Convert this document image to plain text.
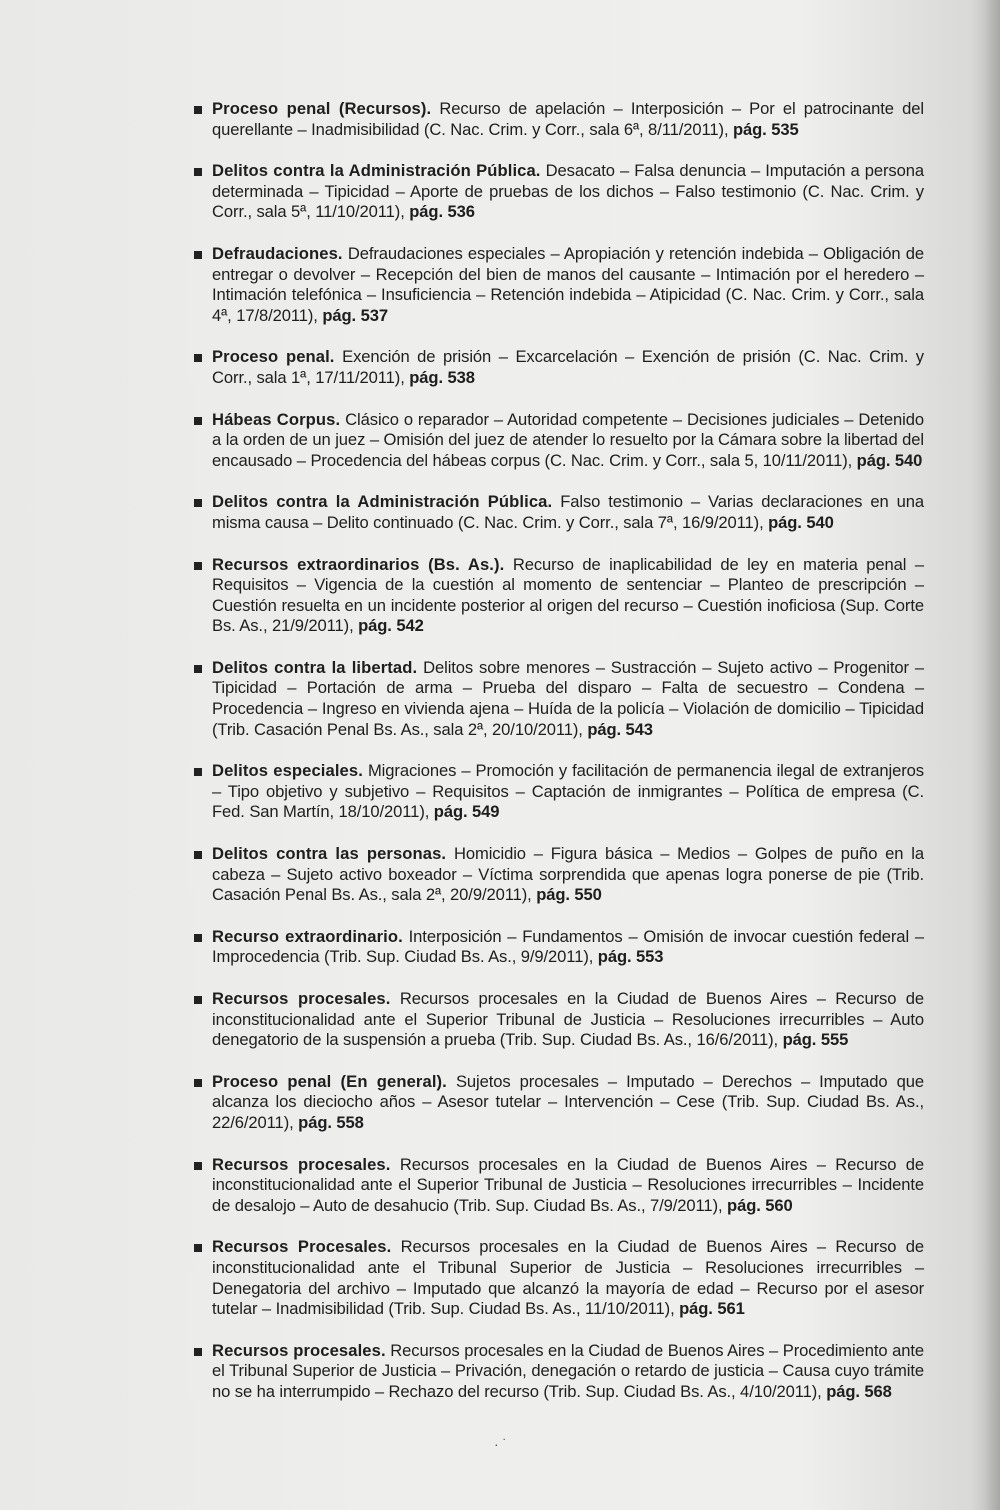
Proceso penal (Recursos). Recurso de apelación – Interposición – Por el patrocinante del querellante – Inadmisibilidad (C. Nac. Crim. y Corr., sala 6ª, 8/11/2011), pág. 535
Delitos contra la Administración Pública. Desacato – Falsa denuncia – Imputación a persona determinada – Tipicidad – Aporte de pruebas de los dichos – Falso testimonio (C. Nac. Crim. y Corr., sala 5ª, 11/10/2011), pág. 536
Defraudaciones. Defraudaciones especiales – Apropiación y retención indebida – Obligación de entregar o devolver – Recepción del bien de manos del causante – Intimación por el heredero – Intimación telefónica – Insuficiencia – Retención indebida – Atipicidad (C. Nac. Crim. y Corr., sala 4ª, 17/8/2011), pág. 537
Proceso penal. Exención de prisión – Excarcelación – Exención de prisión (C. Nac. Crim. y Corr., sala 1ª, 17/11/2011), pág. 538
Hábeas Corpus. Clásico o reparador – Autoridad competente – Decisiones judiciales – Detenido a la orden de un juez – Omisión del juez de atender lo resuelto por la Cámara sobre la libertad del encausado – Procedencia del hábeas corpus (C. Nac. Crim. y Corr., sala 5, 10/11/2011), pág. 540
Delitos contra la Administración Pública. Falso testimonio – Varias declaraciones en una misma causa – Delito continuado (C. Nac. Crim. y Corr., sala 7ª, 16/9/2011), pág. 540
Recursos extraordinarios (Bs. As.). Recurso de inaplicabilidad de ley en materia penal – Requisitos – Vigencia de la cuestión al momento de sentenciar – Planteo de prescripción – Cuestión resuelta en un incidente posterior al origen del recurso – Cuestión inoficiosa (Sup. Corte Bs. As., 21/9/2011), pág. 542
Delitos contra la libertad. Delitos sobre menores – Sustracción – Sujeto activo – Progenitor – Tipicidad – Portación de arma – Prueba del disparo – Falta de secuestro – Condena – Procedencia – Ingreso en vivienda ajena – Huída de la policía – Violación de domicilio – Tipicidad (Trib. Casación Penal Bs. As., sala 2ª, 20/10/2011), pág. 543
Delitos especiales. Migraciones – Promoción y facilitación de permanencia ilegal de extranjeros – Tipo objetivo y subjetivo – Requisitos – Captación de inmigrantes – Política de empresa (C. Fed. San Martín, 18/10/2011), pág. 549
Delitos contra las personas. Homicidio – Figura básica – Medios – Golpes de puño en la cabeza – Sujeto activo boxeador – Víctima sorprendida que apenas logra ponerse de pie (Trib. Casación Penal Bs. As., sala 2ª, 20/9/2011), pág. 550
Recurso extraordinario. Interposición – Fundamentos – Omisión de invocar cuestión federal – Improcedencia (Trib. Sup. Ciudad Bs. As., 9/9/2011), pág. 553
Recursos procesales. Recursos procesales en la Ciudad de Buenos Aires – Recurso de inconstitucionalidad ante el Superior Tribunal de Justicia – Resoluciones irrecurribles – Auto denegatorio de la suspensión a prueba (Trib. Sup. Ciudad Bs. As., 16/6/2011), pág. 555
Proceso penal (En general). Sujetos procesales – Imputado – Derechos – Imputado que alcanza los dieciocho años – Asesor tutelar – Intervención – Cese (Trib. Sup. Ciudad Bs. As., 22/6/2011), pág. 558
Recursos procesales. Recursos procesales en la Ciudad de Buenos Aires – Recurso de inconstitucionalidad ante el Superior Tribunal de Justicia – Resoluciones irrecurribles – Incidente de desalojo – Auto de desahucio (Trib. Sup. Ciudad Bs. As., 7/9/2011), pág. 560
Recursos Procesales. Recursos procesales en la Ciudad de Buenos Aires – Recurso de inconstitucionalidad ante el Tribunal Superior de Justicia – Resoluciones irrecurribles – Denegatoria del archivo – Imputado que alcanzó la mayoría de edad – Recurso por el asesor tutelar – Inadmisibilidad (Trib. Sup. Ciudad Bs. As., 11/10/2011), pág. 561
Recursos procesales. Recursos procesales en la Ciudad de Buenos Aires – Procedimiento ante el Tribunal Superior de Justicia – Privación, denegación o retardo de justicia – Causa cuyo trámite no se ha interrumpido – Rechazo del recurso (Trib. Sup. Ciudad Bs. As., 4/10/2011), pág. 568
· ˙
